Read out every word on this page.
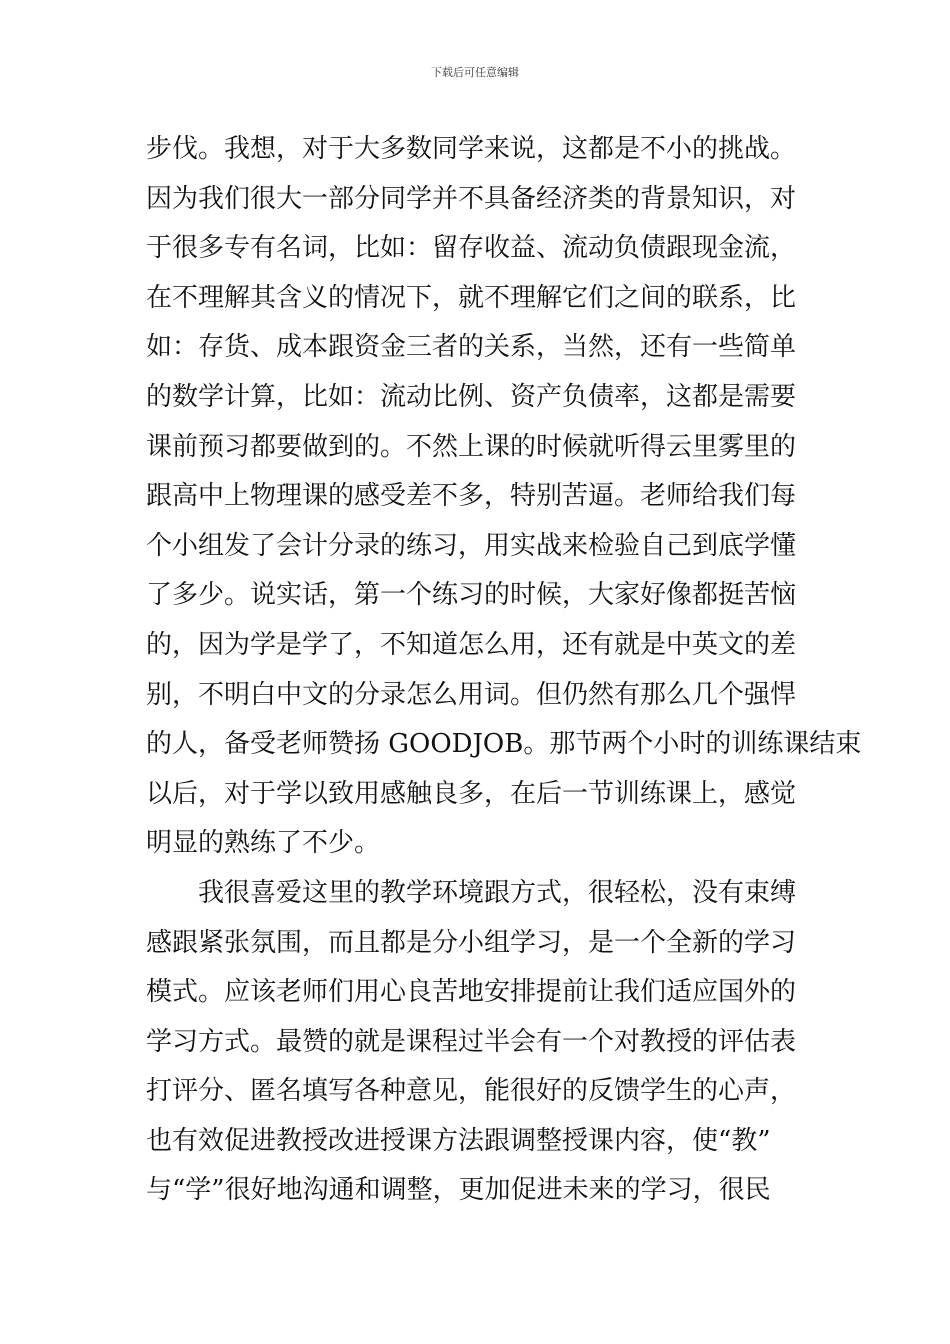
下载后可任意编辑
步伐。我想，对于大多数同学来说，这都是不小的挑战。
因为我们很大一部分同学并不具备经济类的背景知识，对
于很多专有名词，比如：留存收益、流动负债跟现金流，
在不理解其含义的情况下，就不理解它们之间的联系，比
如：存货、成本跟资金三者的关系，当然，还有一些简单
的数学计算，比如：流动比例、资产负债率，这都是需要
课前预习都要做到的。不然上课的时候就听得云里雾里的
跟高中上物理课的感受差不多，特别苦逼。老师给我们每
个小组发了会计分录的练习，用实战来检验自己到底学懂
了多少。说实话，第一个练习的时候，大家好像都挺苦恼
的，因为学是学了，不知道怎么用，还有就是中英文的差
别，不明白中文的分录怎么用词。但仍然有那么几个强悍
的人，备受老师赞扬 GOODJOB。那节两个小时的训练课结束
以后，对于学以致用感触良多，在后一节训练课上，感觉
明显的熟练了不少。
我很喜爱这里的教学环境跟方式，很轻松，没有束缚
感跟紧张氛围，而且都是分小组学习，是一个全新的学习
模式。应该老师们用心良苦地安排提前让我们适应国外的
学习方式。最赞的就是课程过半会有一个对教授的评估表
打评分、匿名填写各种意见，能很好的反馈学生的心声，
也有效促进教授改进授课方法跟调整授课内容，使“教”
与“学”很好地沟通和调整，更加促进未来的学习，很民
